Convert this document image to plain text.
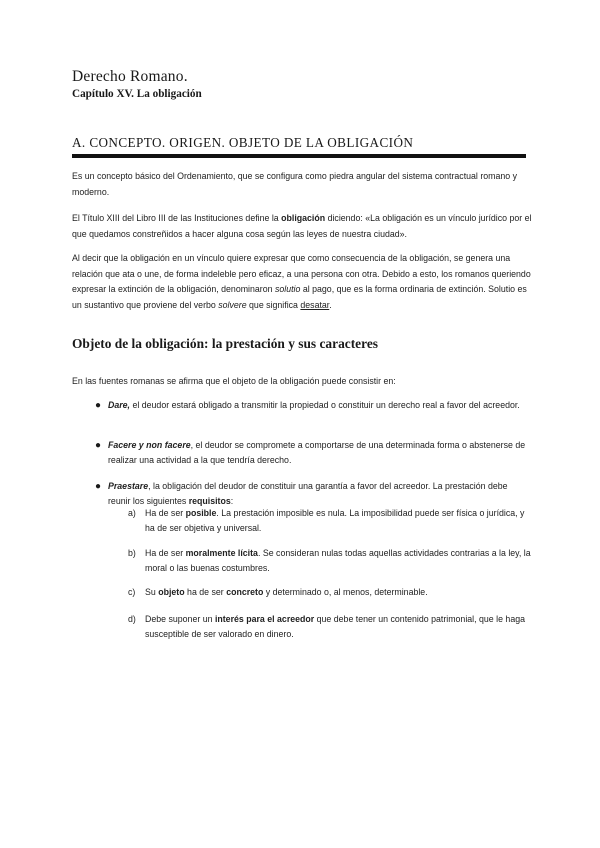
Derecho Romano.
Capítulo XV. La obligación
A. CONCEPTO. ORIGEN. OBJETO DE LA OBLIGACIÓN
Es un concepto básico del Ordenamiento, que se configura como piedra angular del sistema contractual romano y moderno.
El Título XIII del Libro III de las Instituciones define la obligación diciendo: «La obligación es un vínculo jurídico por el que quedamos constreñidos a hacer alguna cosa según las leyes de nuestra ciudad».
Al decir que la obligación en un vínculo quiere expresar que como consecuencia de la obligación, se genera una relación que ata o une, de forma indeleble pero eficaz, a una persona con otra. Debido a esto, los romanos queriendo expresar la extinción de la obligación, denominaron solutio al pago, que es la forma ordinaria de extinción. Solutio es un sustantivo que proviene del verbo solvere que significa desatar.
Objeto de la obligación: la prestación y sus caracteres
En las fuentes romanas se afirma que el objeto de la obligación puede consistir en:
● Dare, el deudor estará obligado a transmitir la propiedad o constituir un derecho real a favor del acreedor.
● Facere y non facere, el deudor se compromete a comportarse de una determinada forma o abstenerse de realizar una actividad a la que tendría derecho.
● Praestare, la obligación del deudor de constituir una garantía a favor del acreedor. La prestación debe reunir los siguientes requisitos:
a) Ha de ser posible. La prestación imposible es nula. La imposibilidad puede ser física o jurídica, y ha de ser objetiva y universal.
b) Ha de ser moralmente lícita. Se consideran nulas todas aquellas actividades contrarias a la ley, la moral o las buenas costumbres.
c) Su objeto ha de ser concreto y determinado o, al menos, determinable.
d) Debe suponer un interés para el acreedor que debe tener un contenido patrimonial, que le haga susceptible de ser valorado en dinero.
